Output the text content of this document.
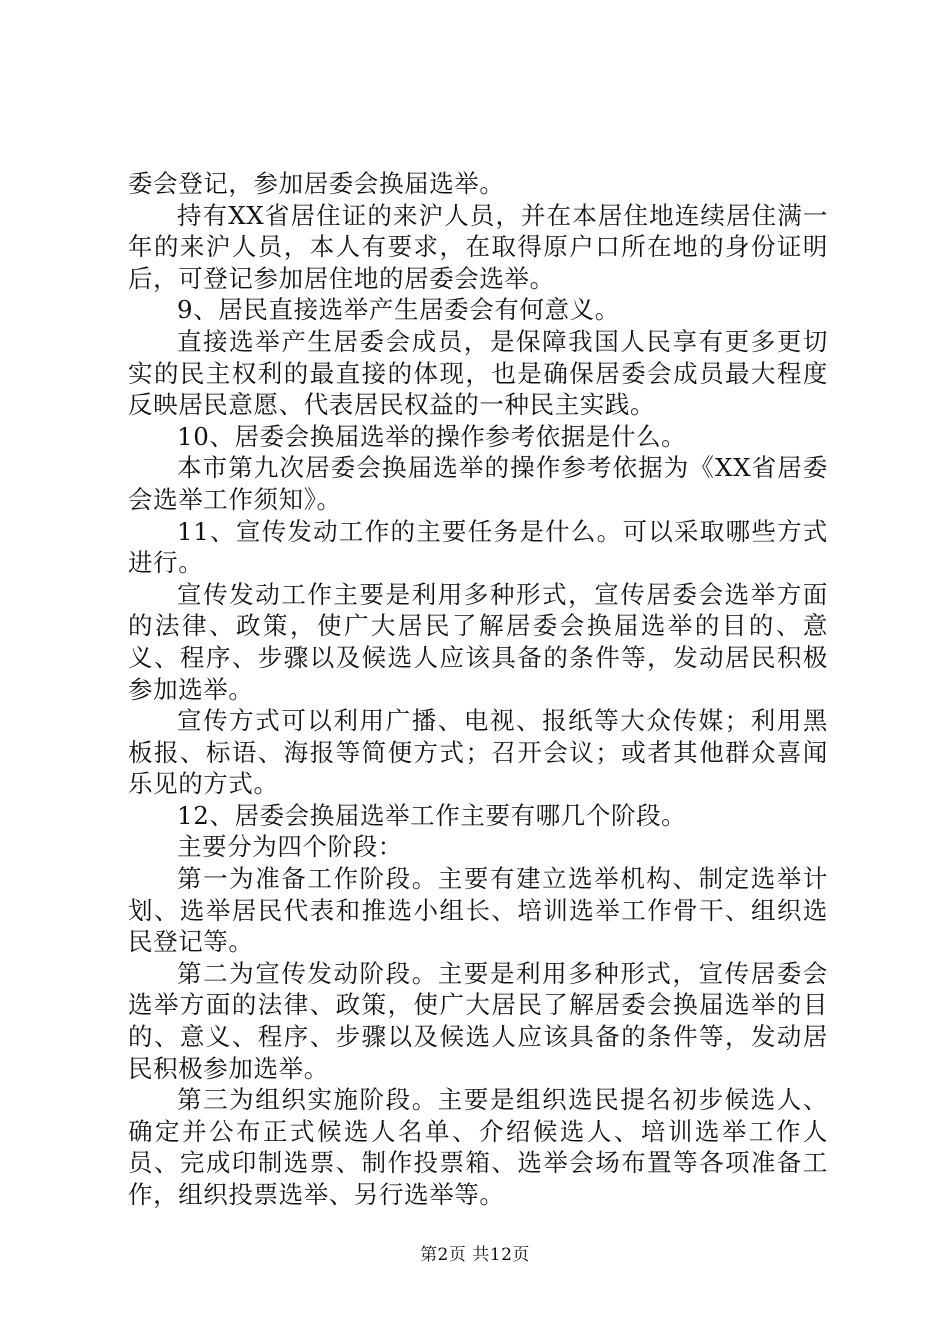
委会登记，参加居委会换届选举。

持有XX省居住证的来沪人员，并在本居住地连续居住满一年的来沪人员，本人有要求，在取得原户口所在地的身份证明后，可登记参加居住地的居委会选举。

9、居民直接选举产生居委会有何意义。

直接选举产生居委会成员，是保障我国人民享有更多更切实的民主权利的最直接的体现，也是确保居委会成员最大程度反映居民意愿、代表居民权益的一种民主实践。

10、居委会换届选举的操作参考依据是什么。

本市第九次居委会换届选举的操作参考依据为《XX省居委会选举工作须知》。

11、宣传发动工作的主要任务是什么。可以采取哪些方式进行。

宣传发动工作主要是利用多种形式，宣传居委会选举方面的法律、政策，使广大居民了解居委会换届选举的目的、意义、程序、步骤以及候选人应该具备的条件等，发动居民积极参加选举。

宣传方式可以利用广播、电视、报纸等大众传媒；利用黑板报、标语、海报等简便方式；召开会议；或者其他群众喜闻乐见的方式。

12、居委会换届选举工作主要有哪几个阶段。

主要分为四个阶段：

第一为准备工作阶段。主要有建立选举机构、制定选举计划、选举居民代表和推选小组长、培训选举工作骨干、组织选民登记等。

第二为宣传发动阶段。主要是利用多种形式，宣传居委会选举方面的法律、政策，使广大居民了解居委会换届选举的目的、意义、程序、步骤以及候选人应该具备的条件等，发动居民积极参加选举。

第三为组织实施阶段。主要是组织选民提名初步候选人、确定并公布正式候选人名单、介绍候选人、培训选举工作人员、完成印制选票、制作投票箱、选举会场布置等各项准备工作，组织投票选举、另行选举等。

第2页 共12页
